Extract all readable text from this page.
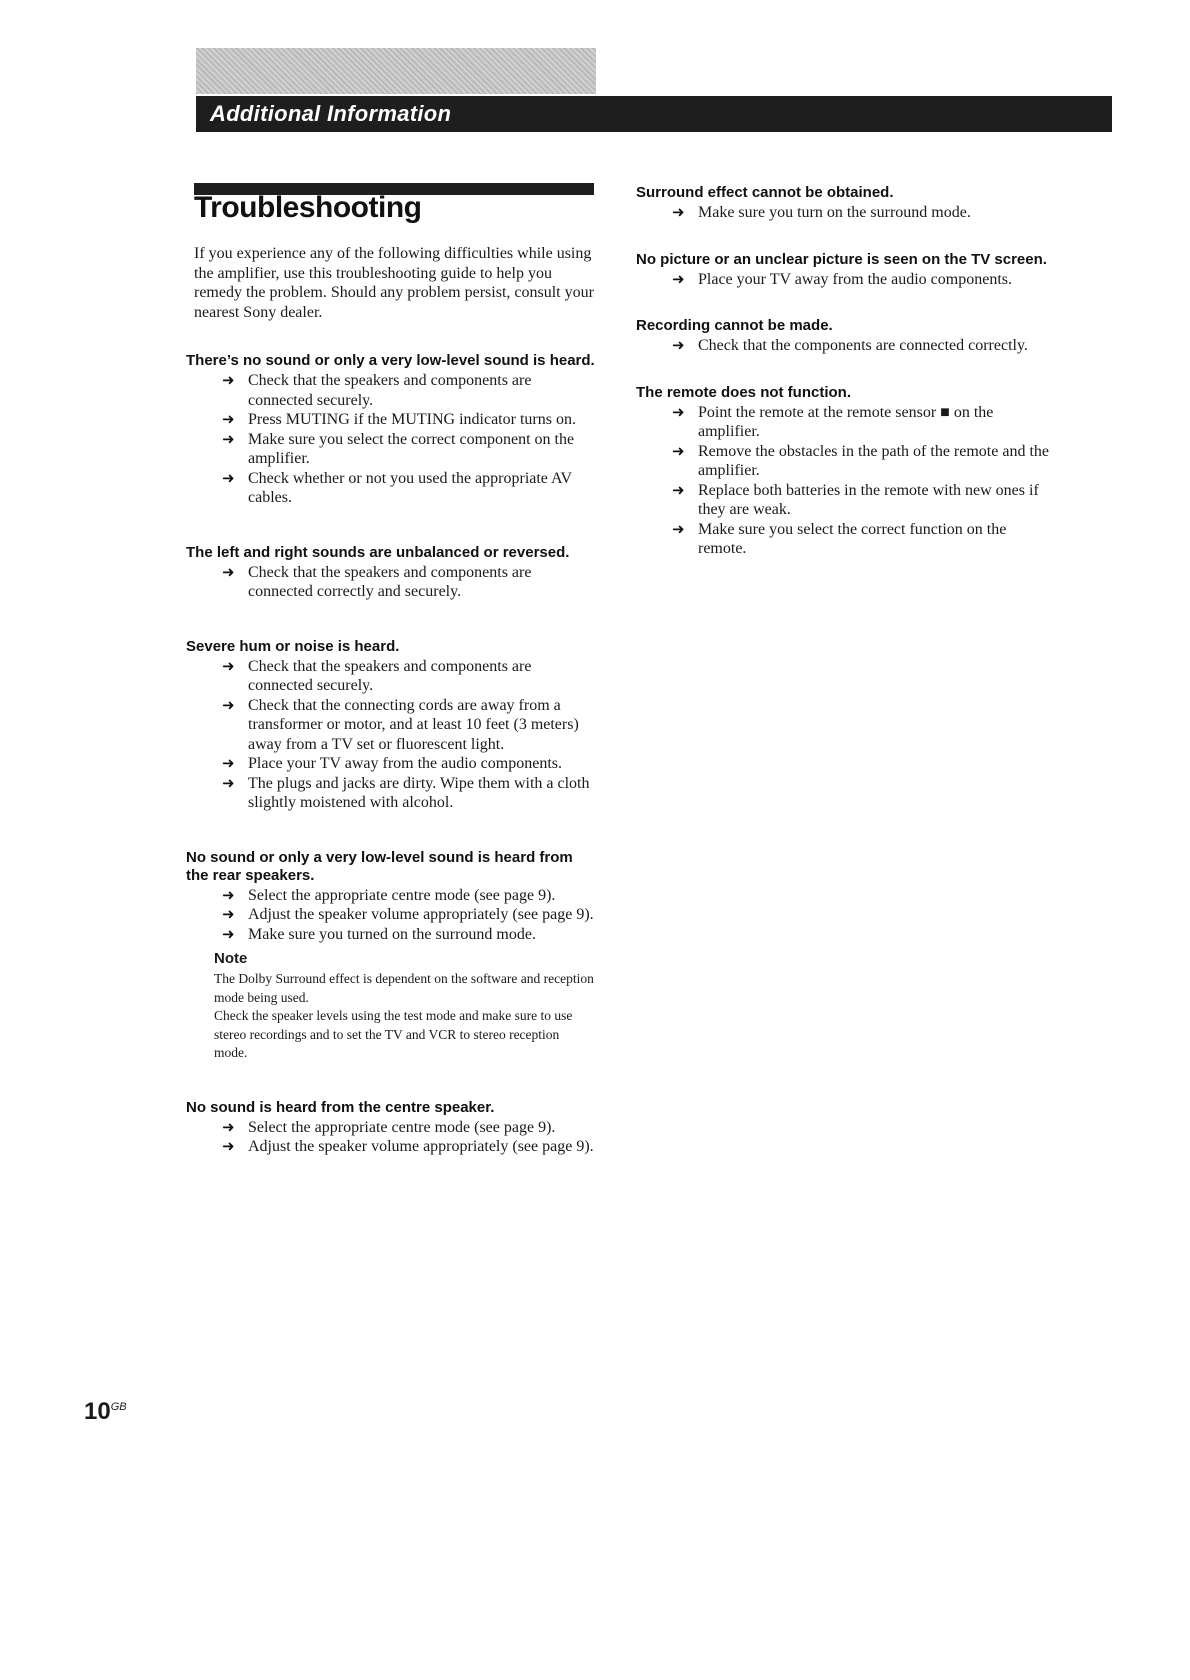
Additional Information
Troubleshooting

If you experience any of the following difficulties while using the amplifier, use this troubleshooting guide to help you remedy the problem. Should any problem persist, consult your nearest Sony dealer.

There’s no sound or only a very low-level sound is heard.
➜ Check that the speakers and components are connected securely.
➜ Press MUTING if the MUTING indicator turns on.
➜ Make sure you select the correct component on the amplifier.
➜ Check whether or not you used the appropriate AV cables.
The left and right sounds are unbalanced or reversed.
➜ Check that the speakers and components are connected correctly and securely.
Severe hum or noise is heard.
➜ Check that the speakers and components are connected securely.
➜ Check that the connecting cords are away from a transformer or motor, and at least 10 feet (3 meters) away from a TV set or fluorescent light.
➜ Place your TV away from the audio components.
➜ The plugs and jacks are dirty. Wipe them with a cloth slightly moistened with alcohol.
No sound or only a very low-level sound is heard from the rear speakers.
➜ Select the appropriate centre mode (see page 9).
➜ Adjust the speaker volume appropriately (see page 9).
➜ Make sure you turned on the surround mode.

Note

The Dolby Surround effect is dependent on the software and reception mode being used.

Check the speaker levels using the test mode and make sure to use stereo recordings and to set the TV and VCR to stereo reception mode.

No sound is heard from the centre speaker.
➜ Select the appropriate centre mode (see page 9).
➜ Adjust the speaker volume appropriately (see page 9).
Surround effect cannot be obtained.
➜ Make sure you turn on the surround mode.
No picture or an unclear picture is seen on the TV screen.
➜ Place your TV away from the audio components.
Recording cannot be made.
➜ Check that the components are connected correctly.
The remote does not function.
➜ Point the remote at the remote sensor ■ on the amplifier.
➜ Remove the obstacles in the path of the remote and the amplifier.
➜ Replace both batteries in the remote with new ones if they are weak.
➜ Make sure you select the correct function on the remote.
$10^{GB}$
